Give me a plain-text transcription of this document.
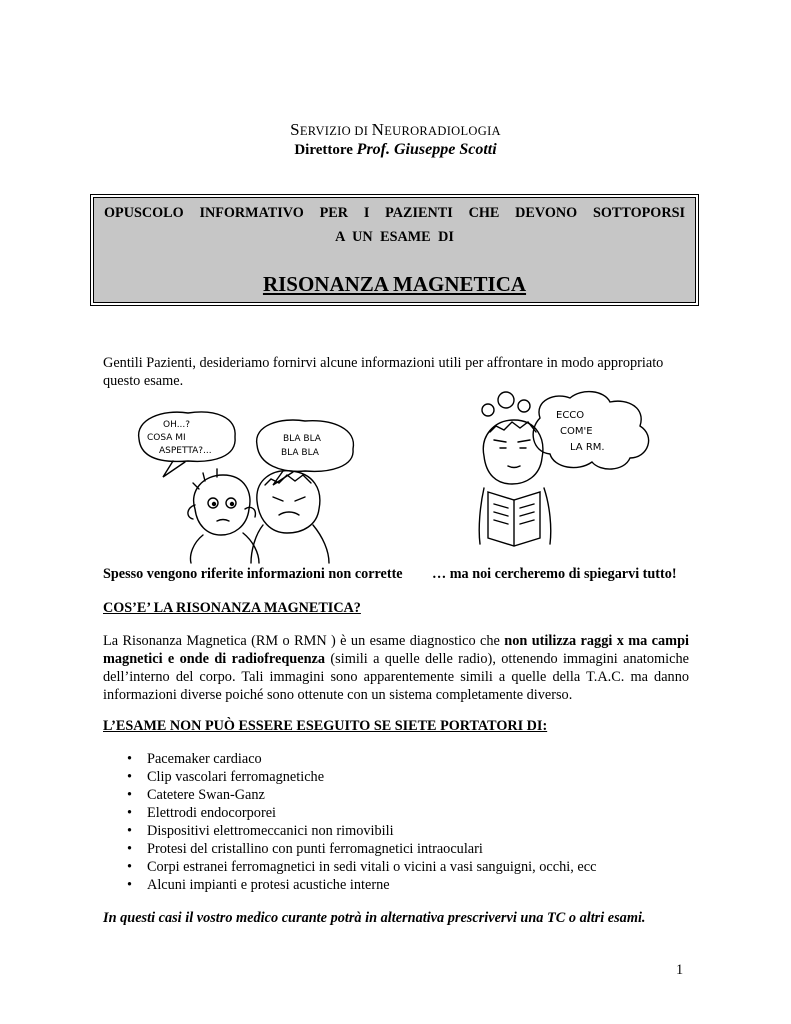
SERVIZIO DI NEURORADIOLOGIA
Direttore Prof. Giuseppe Scotti
OPUSCOLO INFORMATIVO PER I PAZIENTI CHE DEVONO SOTTOPORSI
A UN ESAME DI
RISONANZA MAGNETICA
Gentili Pazienti, desideriamo fornirvi alcune informazioni utili per affrontare in modo appropriato questo esame.
OH...?
COSA MI
ASPETTA?...
BLA BLA
BLA BLA
ECCO
COM'E
LA RM.
Spesso vengono riferite informazioni non corrette … ma noi cercheremo di spiegarvi tutto!
COS’E’ LA RISONANZA MAGNETICA?
La Risonanza Magnetica (RM o RMN ) è un esame diagnostico che non utilizza raggi x ma campi magnetici e onde di radiofrequenza (simili a quelle delle radio), ottenendo immagini anatomiche dell’interno del corpo. Tali immagini sono apparentemente simili a quelle della T.A.C. ma danno informazioni diverse poiché sono ottenute con un sistema completamente diverso.
L’ESAME NON PUÒ ESSERE ESEGUITO SE SIETE PORTATORI DI:
• Pacemaker cardiaco
• Clip vascolari ferromagnetiche
• Catetere Swan-Ganz
• Elettrodi endocorporei
• Dispositivi elettromeccanici non rimovibili
• Protesi del cristallino con punti ferromagnetici intraoculari
• Corpi estranei ferromagnetici in sedi vitali o vicini a vasi sanguigni, occhi, ecc
• Alcuni impianti e protesi acustiche interne
In questi casi il vostro medico curante potrà in alternativa prescrivervi una TC o altri esami.
1
